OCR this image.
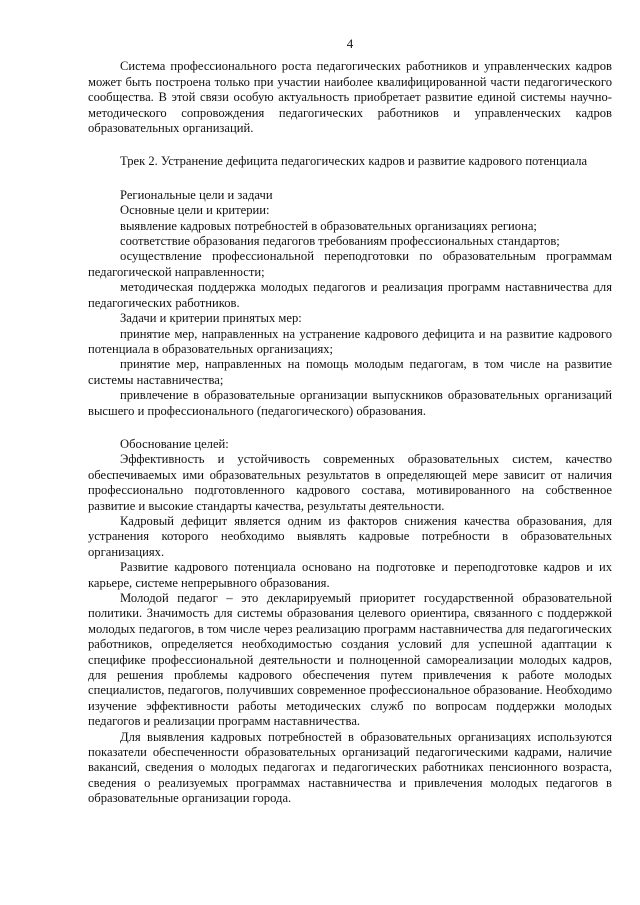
4

Система профессионального роста педагогических работников и управленческих кадров может быть построена только при участии наиболее квалифицированной части педагогического сообщества. В этой связи особую актуальность приобретает развитие единой системы научно-методического сопровождения педагогических работников и управленческих кадров образовательных организаций.

Трек 2. Устранение дефицита педагогических кадров и развитие кадрового потенциала

Региональные цели и задачи

Основные цели и критерии:

выявление кадровых потребностей в образовательных организациях региона;

соответствие образования педагогов требованиям профессиональных стандартов;

осуществление профессиональной переподготовки по образовательным программам педагогической направленности;

методическая поддержка молодых педагогов и реализация программ наставничества для педагогических работников.

Задачи и критерии принятых мер:

принятие мер, направленных на устранение кадрового дефицита и на развитие кадрового потенциала в образовательных организациях;

принятие мер, направленных на помощь молодым педагогам, в том числе на развитие системы наставничества;

привлечение в образовательные организации выпускников образовательных организаций высшего и профессионального (педагогического) образования.

Обоснование целей:

Эффективность и устойчивость современных образовательных систем, качество обеспечиваемых ими образовательных результатов в определяющей мере зависит от наличия профессионально подготовленного кадрового состава, мотивированного на собственное развитие и высокие стандарты качества, результаты деятельности.

Кадровый дефицит является одним из факторов снижения качества образования, для устранения которого необходимо выявлять кадровые потребности в образовательных организациях.

Развитие кадрового потенциала основано на подготовке и переподготовке кадров и их карьере, системе непрерывного образования.

Молодой педагог – это декларируемый приоритет государственной образовательной политики. Значимость для системы образования целевого ориентира, связанного с поддержкой молодых педагогов, в том числе через реализацию программ наставничества для педагогических работников, определяется необходимостью создания условий для успешной адаптации к специфике профессиональной деятельности и полноценной самореализации молодых кадров, для решения проблемы кадрового обеспечения путем привлечения к работе молодых специалистов, педагогов, получивших современное профессиональное образование. Необходимо изучение эффективности работы методических служб по вопросам поддержки молодых педагогов и реализации программ наставничества.

Для выявления кадровых потребностей в образовательных организациях используются показатели обеспеченности образовательных организаций педагогическими кадрами, наличие вакансий, сведения о молодых педагогах и педагогических работниках пенсионного возраста, сведения о реализуемых программах наставничества и привлечения молодых педагогов в образовательные организации города.
